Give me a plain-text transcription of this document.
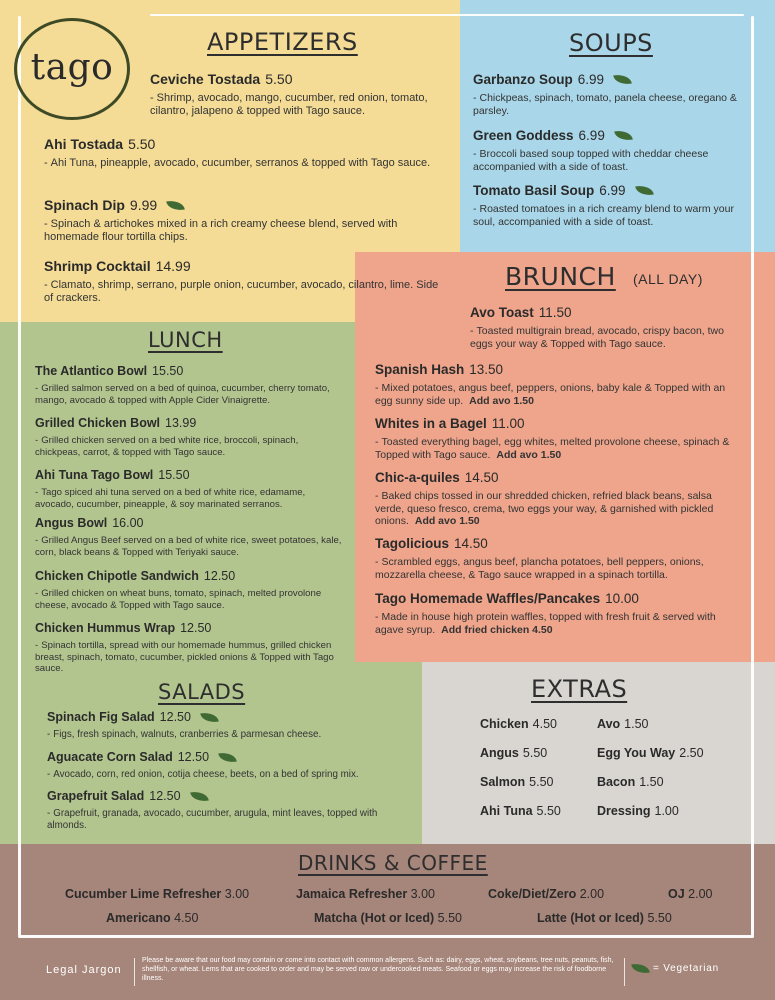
tago
APPETIZERS
Ceviche Tostada 5.50
- Shrimp, avocado, mango, cucumber, red onion, tomato, cilantro, jalapeno & topped with Tago sauce.
Ahi Tostada 5.50
- Ahi Tuna, pineapple, avocado, cucumber, serranos & topped with Tago sauce.
Spinach Dip 9.99
- Spinach & artichokes mixed in a rich creamy cheese blend, served with homemade flour tortilla chips.
Shrimp Cocktail 14.99
- Clamato, shrimp, serrano, purple onion, cucumber, avocado, cilantro, lime. Side of crackers.
SOUPS
Garbanzo Soup 6.99
- Chickpeas, spinach, tomato, panela cheese, oregano & parsley.
Green Goddess 6.99
- Broccoli based soup topped with cheddar cheese accompanied with a side of toast.
Tomato Basil Soup 6.99
- Roasted tomatoes in a rich creamy blend to warm your soul, accompanied with a side of toast.
BRUNCH (ALL DAY)
Avo Toast 11.50
- Toasted multigrain bread, avocado, crispy bacon, two eggs your way & Topped with Tago sauce.
Spanish Hash 13.50
- Mixed potatoes, angus beef, peppers, onions, baby kale & Topped with an egg sunny side up. Add avo 1.50
Whites in a Bagel 11.00
- Toasted everything bagel, egg whites, melted provolone cheese, spinach & Topped with Tago sauce. Add avo 1.50
Chic-a-quiles 14.50
- Baked chips tossed in our shredded chicken, refried black beans, salsa verde, queso fresco, crema, two eggs your way, & garnished with pickled onions. Add avo 1.50
Tagolicious 14.50
- Scrambled eggs, angus beef, plancha potatoes, bell peppers, onions, mozzarella cheese, & Tago sauce wrapped in a spinach tortilla.
Tago Homemade Waffles/Pancakes 10.00
- Made in house high protein waffles, topped with fresh fruit & served with agave syrup. Add fried chicken 4.50
LUNCH
The Atlantico Bowl 15.50
- Grilled salmon served on a bed of quinoa, cucumber, cherry tomato, mango, avocado & topped with Apple Cider Vinaigrette.
Grilled Chicken Bowl 13.99
- Grilled chicken served on a bed white rice, broccoli, spinach, chickpeas, carrot, & topped with Tago sauce.
Ahi Tuna Tago Bowl 15.50
- Tago spiced ahi tuna served on a bed of white rice, edamame, avocado, cucumber, pineapple, & soy marinated serranos.
Angus Bowl 16.00
- Grilled Angus Beef served on a bed of white rice, sweet potatoes, kale, corn, black beans & Topped with Teriyaki sauce.
Chicken Chipotle Sandwich 12.50
- Grilled chicken on wheat buns, tomato, spinach, melted provolone cheese, avocado & Topped with Tago sauce.
Chicken Hummus Wrap 12.50
- Spinach tortilla, spread with our homemade hummus, grilled chicken breast, spinach, tomato, cucumber, pickled onions & Topped with Tago sauce.
SALADS
Spinach Fig Salad 12.50
- Figs, fresh spinach, walnuts, cranberries & parmesan cheese.
Aguacate Corn Salad 12.50
- Avocado, corn, red onion, cotija cheese, beets, on a bed of spring mix.
Grapefruit Salad 12.50
- Grapefruit, granada, avocado, cucumber, arugula, mint leaves, topped with almonds.
EXTRAS
Chicken 4.50	Avo 1.50
Angus 5.50	Egg You Way 2.50
Salmon 5.50	Bacon 1.50
Ahi Tuna 5.50	Dressing 1.00
DRINKS & COFFEE
Cucumber Lime Refresher 3.00	Jamaica Refresher 3.00	Coke/Diet/Zero 2.00	OJ 2.00
Americano 4.50	Matcha (Hot or Iced) 5.50	Latte (Hot or Iced) 5.50
Legal Jargon
Please be aware that our food may contain or come into contact with common allergens. Such as: dairy, eggs, wheat, soybeans, tree nuts, peanuts, fish, shellfish, or wheat. Lems that are cooked to order and may be served raw or undercooked meats. Seafood or eggs may increase the risk of foodborne illness.
= Vegetarian
